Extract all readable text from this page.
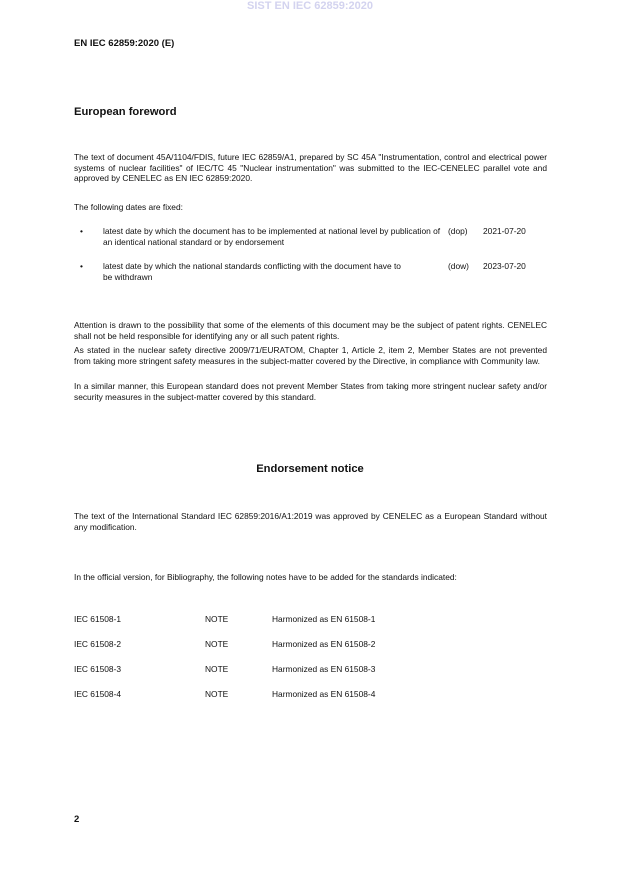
SIST EN IEC 62859:2020
EN IEC 62859:2020 (E)
European foreword
The text of document 45A/1104/FDIS, future IEC 62859/A1, prepared by SC 45A "Instrumentation, control and electrical power systems of nuclear facilities" of IEC/TC 45 "Nuclear instrumentation" was submitted to the IEC-CENELEC parallel vote and approved by CENELEC as EN IEC 62859:2020.
The following dates are fixed:
• latest date by which the document has to be implemented at national level by publication of an identical national standard or by endorsement
(dop) 2021-07-20
• latest date by which the national standards conflicting with the document have to be withdrawn
(dow) 2023-07-20
Attention is drawn to the possibility that some of the elements of this document may be the subject of patent rights. CENELEC shall not be held responsible for identifying any or all such patent rights.
As stated in the nuclear safety directive 2009/71/EURATOM, Chapter 1, Article 2, item 2, Member States are not prevented from taking more stringent safety measures in the subject-matter covered by the Directive, in compliance with Community law.
In a similar manner, this European standard does not prevent Member States from taking more stringent nuclear safety and/or security measures in the subject-matter covered by this standard.
Endorsement notice
The text of the International Standard IEC 62859:2016/A1:2019 was approved by CENELEC as a European Standard without any modification.
In the official version, for Bibliography, the following notes have to be added for the standards indicated:
IEC 61508-1	NOTE	Harmonized as EN 61508-1
IEC 61508-2	NOTE	Harmonized as EN 61508-2
IEC 61508-3	NOTE	Harmonized as EN 61508-3
IEC 61508-4	NOTE	Harmonized as EN 61508-4
2
